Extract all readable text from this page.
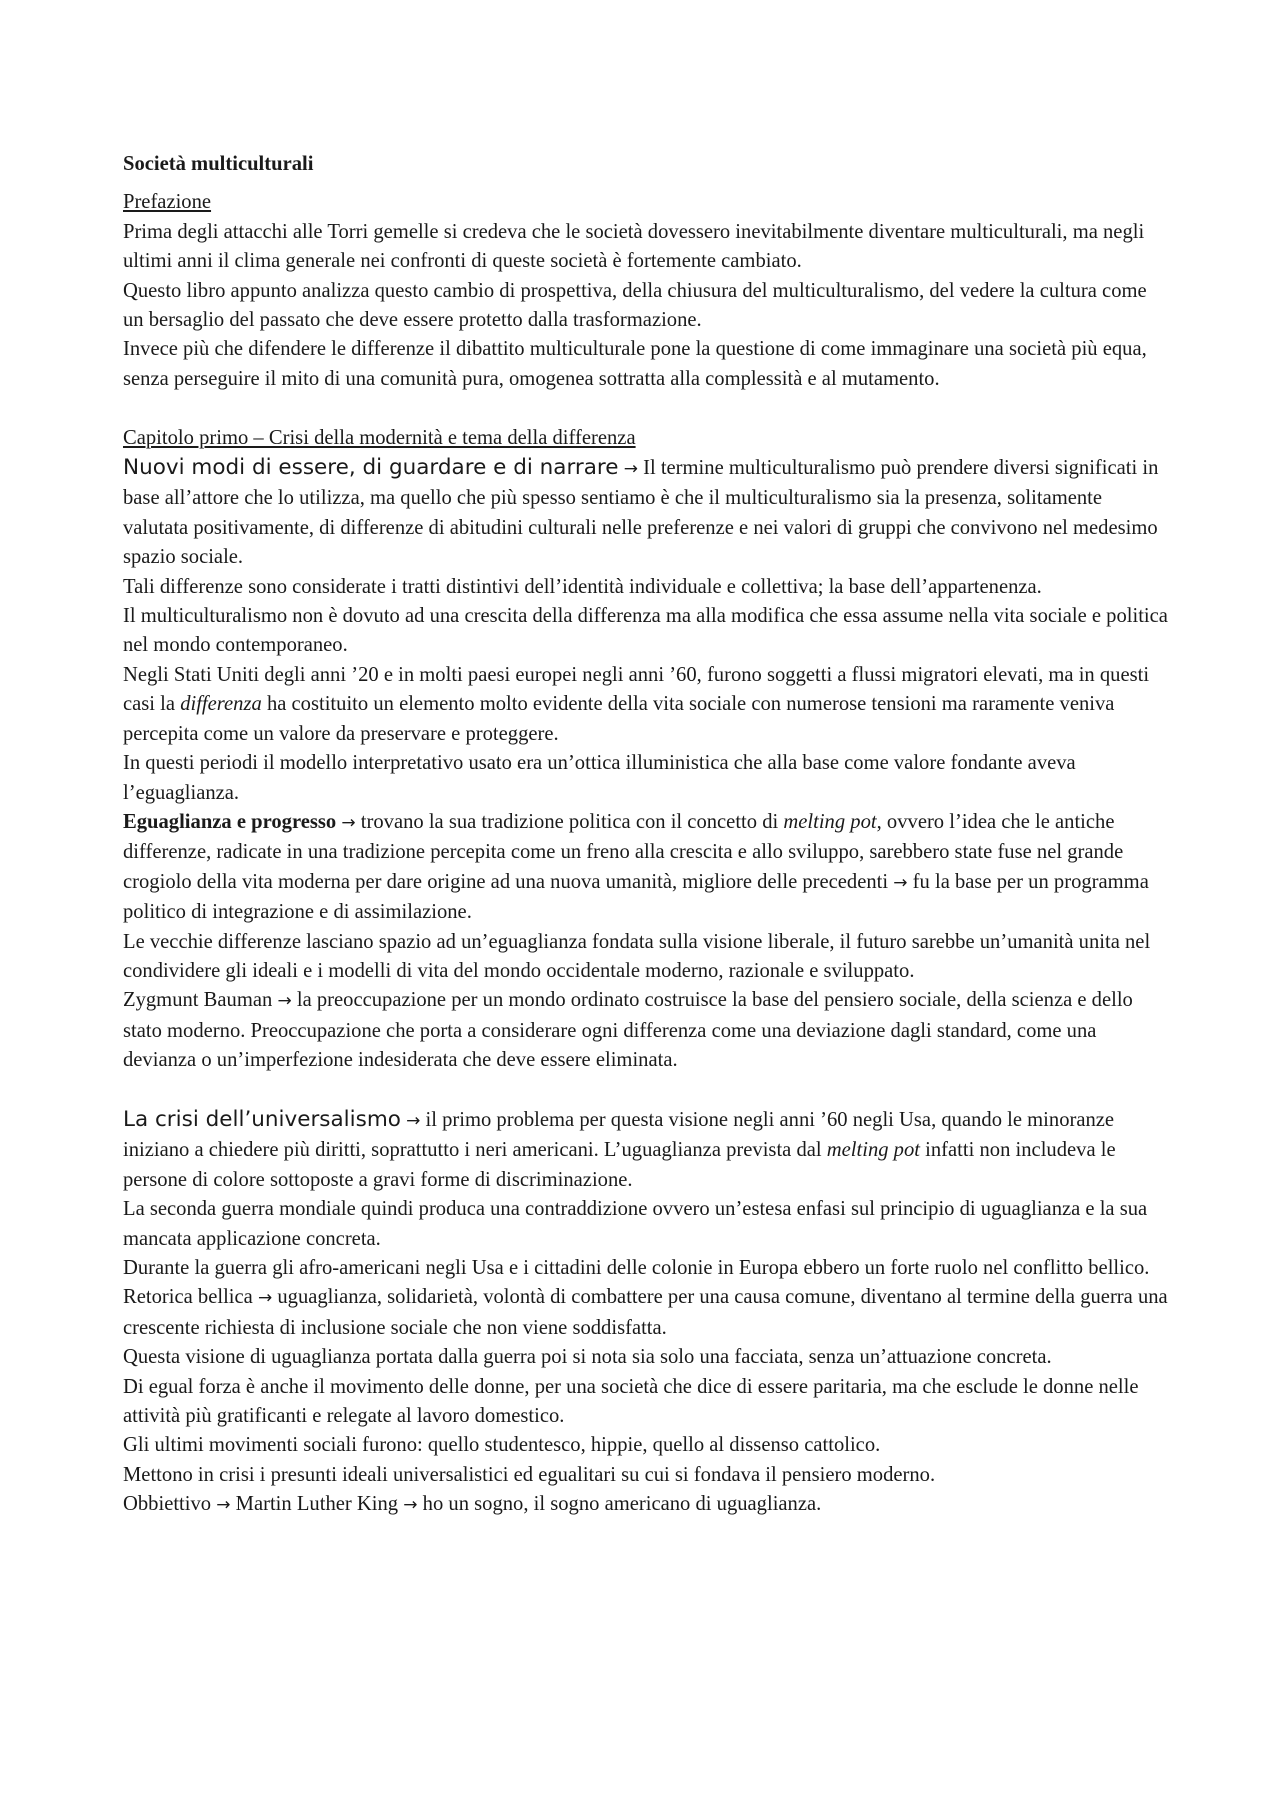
Società multiculturali

Prefazione

Prima degli attacchi alle Torri gemelle si credeva che le società dovessero inevitabilmente diventare multiculturali, ma negli ultimi anni il clima generale nei confronti di queste società è fortemente cambiato.

Questo libro appunto analizza questo cambio di prospettiva, della chiusura del multiculturalismo, del vedere la cultura come un bersaglio del passato che deve essere protetto dalla trasformazione.

Invece più che difendere le differenze il dibattito multiculturale pone la questione di come immaginare una società più equa, senza perseguire il mito di una comunità pura, omogenea sottratta alla complessità e al mutamento.

Capitolo primo – Crisi della modernità e tema della differenza

Nuovi modi di essere, di guardare e di narrare → Il termine multiculturalismo può prendere diversi significati in base all’attore che lo utilizza, ma quello che più spesso sentiamo è che il multiculturalismo sia la presenza, solitamente valutata positivamente, di differenze di abitudini culturali nelle preferenze e nei valori di gruppi che convivono nel medesimo spazio sociale.

Tali differenze sono considerate i tratti distintivi dell’identità individuale e collettiva; la base dell’appartenenza.

Il multiculturalismo non è dovuto ad una crescita della differenza ma alla modifica che essa assume nella vita sociale e politica nel mondo contemporaneo.

Negli Stati Uniti degli anni ’20 e in molti paesi europei negli anni ’60, furono soggetti a flussi migratori elevati, ma in questi casi la differenza ha costituito un elemento molto evidente della vita sociale con numerose tensioni ma raramente veniva percepita come un valore da preservare e proteggere.

In questi periodi il modello interpretativo usato era un’ottica illuministica che alla base come valore fondante aveva l’eguaglianza.

Eguaglianza e progresso → trovano la sua tradizione politica con il concetto di melting pot, ovvero l’idea che le antiche differenze, radicate in una tradizione percepita come un freno alla crescita e allo sviluppo, sarebbero state fuse nel grande crogiolo della vita moderna per dare origine ad una nuova umanità, migliore delle precedenti → fu la base per un programma politico di integrazione e di assimilazione.

Le vecchie differenze lasciano spazio ad un’eguaglianza fondata sulla visione liberale, il futuro sarebbe un’umanità unita nel condividere gli ideali e i modelli di vita del mondo occidentale moderno, razionale e sviluppato.

Zygmunt Bauman → la preoccupazione per un mondo ordinato costruisce la base del pensiero sociale, della scienza e dello stato moderno. Preoccupazione che porta a considerare ogni differenza come una deviazione dagli standard, come una devianza o un’imperfezione indesiderata che deve essere eliminata.

La crisi dell’universalismo → il primo problema per questa visione negli anni ’60 negli Usa, quando le minoranze iniziano a chiedere più diritti, soprattutto i neri americani. L’uguaglianza prevista dal melting pot infatti non includeva le persone di colore sottoposte a gravi forme di discriminazione.

La seconda guerra mondiale quindi produca una contraddizione ovvero un’estesa enfasi sul principio di uguaglianza e la sua mancata applicazione concreta.

Durante la guerra gli afro-americani negli Usa e i cittadini delle colonie in Europa ebbero un forte ruolo nel conflitto bellico. Retorica bellica → uguaglianza, solidarietà, volontà di combattere per una causa comune, diventano al termine della guerra una crescente richiesta di inclusione sociale che non viene soddisfatta.

Questa visione di uguaglianza portata dalla guerra poi si nota sia solo una facciata, senza un’attuazione concreta.

Di egual forza è anche il movimento delle donne, per una società che dice di essere paritaria, ma che esclude le donne nelle attività più gratificanti e relegate al lavoro domestico.

Gli ultimi movimenti sociali furono: quello studentesco, hippie, quello al dissenso cattolico.

Mettono in crisi i presunti ideali universalistici ed egualitari su cui si fondava il pensiero moderno.

Obbiettivo → Martin Luther King → ho un sogno, il sogno americano di uguaglianza.
